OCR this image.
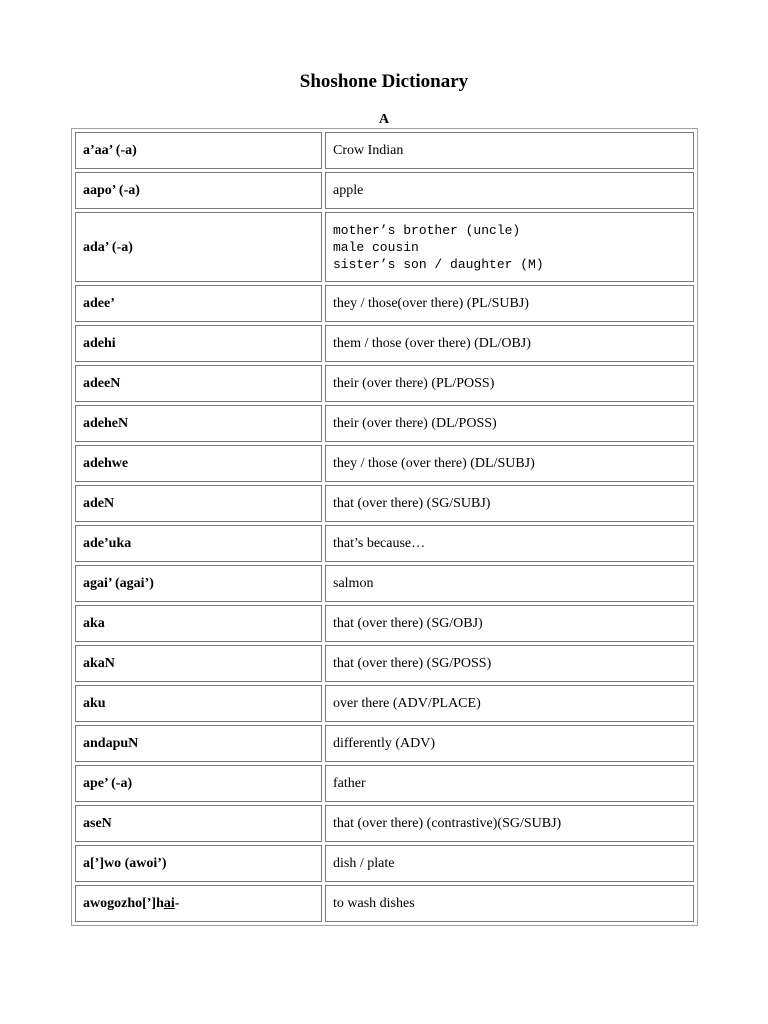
Shoshone Dictionary
A
a’aa’ (-a)	Crow Indian

aapo’ (-a)	apple

ada’ (-a)	mother’s brother (uncle)
male cousin
sister’s son / daughter (M)

adee’	they / those(over there) (PL/SUBJ)

adehi	them / those (over there) (DL/OBJ)

adeeN	their (over there) (PL/POSS)

adeheN	their (over there) (DL/POSS)

adehwe	they / those (over there) (DL/SUBJ)

adeN	that (over there) (SG/SUBJ)

ade’uka	that’s because…

agai’ (agai’)	salmon

aka	that (over there) (SG/OBJ)

akaN	that (over there) (SG/POSS)

aku	over there (ADV/PLACE)

andapuN	differently (ADV)

ape’ (-a)	father

aseN	that (over there) (contrastive)(SG/SUBJ)

a[’]wo (awoi’)	dish / plate

awogozho[’]hai-	to wash dishes
